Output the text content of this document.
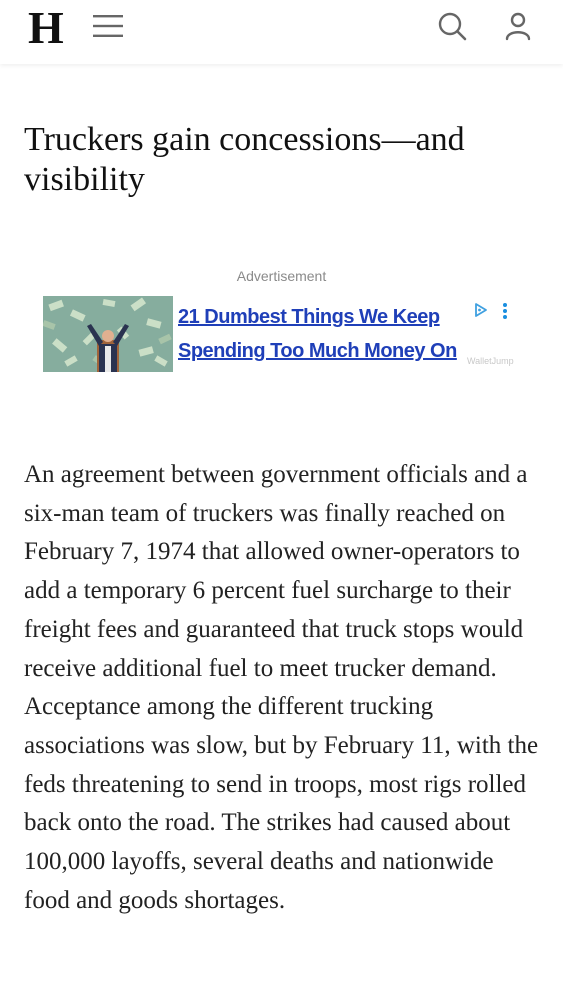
H
Truckers gain concessions—and visibility
Advertisement
21 Dumbest Things We Keep Spending Too Much Money On	WalletJump

An agreement between government officials and a six-man team of truckers was finally reached on February 7, 1974 that allowed owner-operators to add a temporary 6 percent fuel surcharge to their freight fees and guaranteed that truck stops would receive additional fuel to meet trucker demand. Acceptance among the different trucking associations was slow, but by February 11, with the feds threatening to send in troops, most rigs rolled back onto the road. The strikes had caused about 100,000 layoffs, several deaths and nationwide food and goods shortages.
